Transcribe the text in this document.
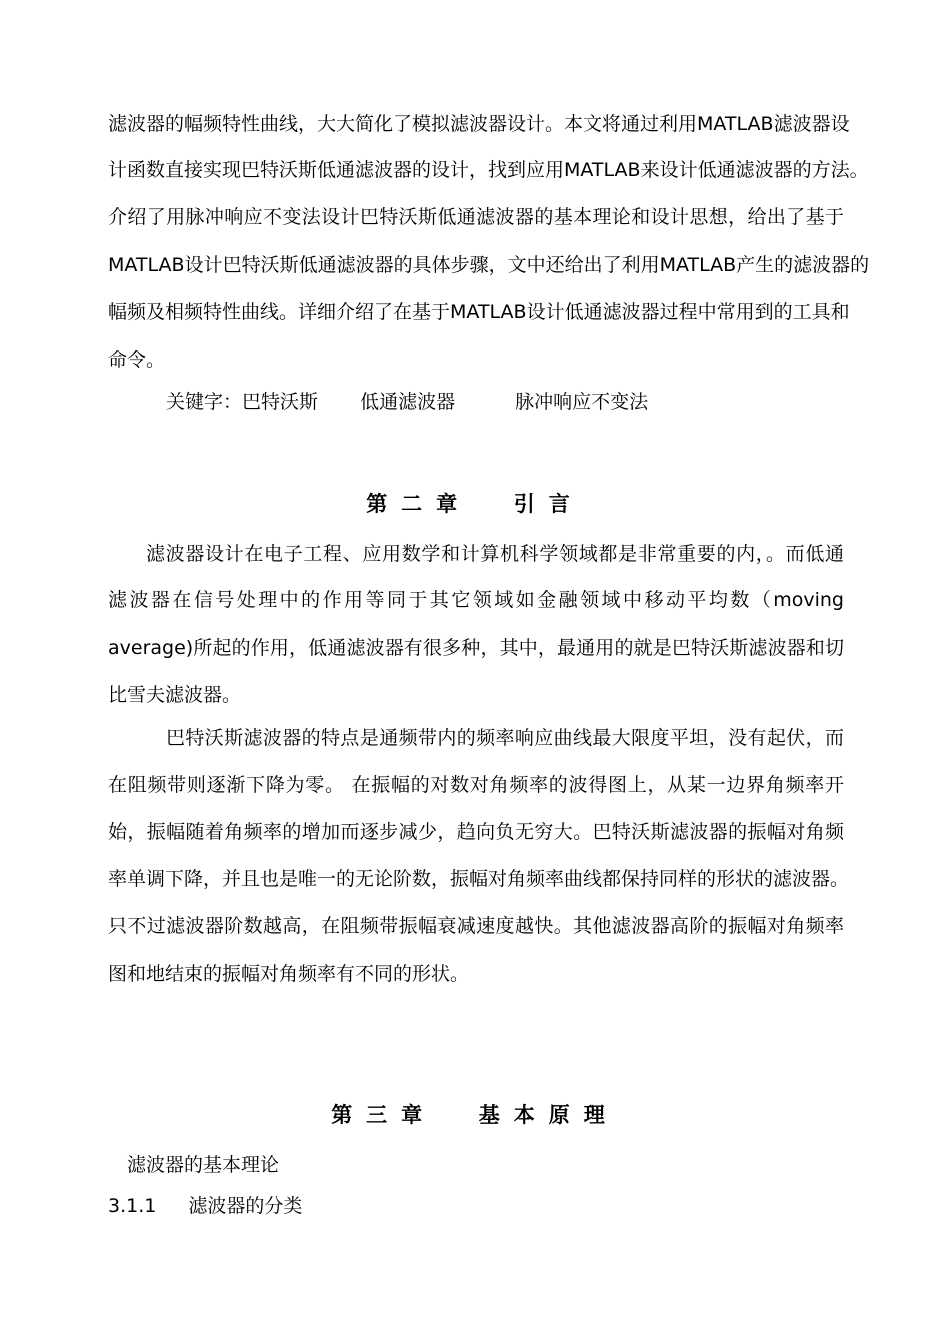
滤波器的幅频特性曲线，大大简化了模拟滤波器设计。本文将通过利用MATLAB滤波器设
计函数直接实现巴特沃斯低通滤波器的设计，找到应用MATLAB来设计低通滤波器的方法。
介绍了用脉冲响应不变法设计巴特沃斯低通滤波器的基本理论和设计思想，给出了基于
MATLAB设计巴特沃斯低通滤波器的具体步骤，文中还给出了利用MATLAB产生的滤波器的
幅频及相频特性曲线。详细介绍了在基于MATLAB设计低通滤波器过程中常用到的工具和
命令。
关键字：巴特沃斯 低通滤波器	脉冲响应不变法
第二章  引言
滤波器设计在电子工程、应用数学和计算机科学领域都是非常重要的内，。而低通
滤波器在信号处理中的作用等同于其它领域如金融领域中移动平均数（moving
average)所起的作用，低通滤波器有很多种，其中，最通用的就是巴特沃斯滤波器和切
比雪夫滤波器。
巴特沃斯滤波器的特点是通频带内的频率响应曲线最大限度平坦，没有起伏，而
在阻频带则逐渐下降为零。 在振幅的对数对角频率的波得图上，从某一边界角频率开
始，振幅随着角频率的增加而逐步减少，趋向负无穷大。巴特沃斯滤波器的振幅对角频
率单调下降，并且也是唯一的无论阶数，振幅对角频率曲线都保持同样的形状的滤波器。
只不过滤波器阶数越高，在阻频带振幅衰减速度越快。其他滤波器高阶的振幅对角频率
图和地结束的振幅对角频率有不同的形状。
第三章  基本原理
滤波器的基本理论
3.1.1 滤波器的分类
